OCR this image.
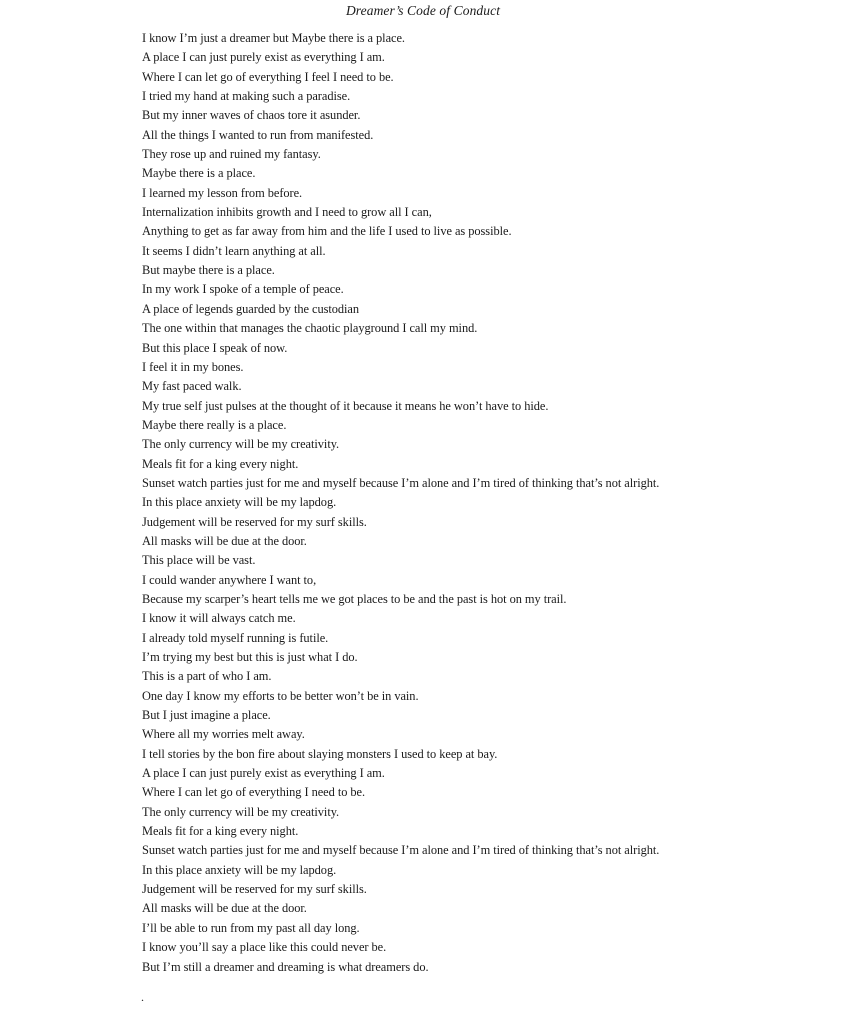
Dreamer’s Code of Conduct
I know I’m just a dreamer but Maybe there is a place.
A place I can just purely exist as everything I am.
Where I can let go of everything I feel I need to be.
I tried my hand at making such a paradise.
But my inner waves of chaos tore it asunder.
All the things I wanted to run from manifested.
They rose up and ruined my fantasy.
Maybe there is a place.
I learned my lesson from before.
Internalization inhibits growth and I need to grow all I can,
Anything to get as far away from him and the life I used to live as possible.
It seems I didn’t learn anything at all.
But maybe there is a place.
In my work I spoke of a temple of peace.
A place of legends guarded by the custodian
The one within that manages the chaotic playground I call my mind.
But this place I speak of now.
I feel it in my bones.
My fast paced walk.
My true self just pulses at the thought of it because it means he won’t have to hide.
Maybe there really is a place.
The only currency will be my creativity.
Meals fit for a king every night.
Sunset watch parties just for me and myself because I’m alone and I’m tired of thinking that’s not alright.
In this place anxiety will be my lapdog.
Judgement will be reserved for my surf skills.
All masks will be due at the door.
This place will be vast.
I could wander anywhere I want to,
Because my scarper’s heart tells me we got places to be and the past is hot on my trail.
I know it will always catch me.
I already told myself running is futile.
I’m trying my best but this is just what I do.
This is a part of who I am.
One day I know my efforts to be better won’t be in vain.
But I just imagine a place.
Where all my worries melt away.
I tell stories by the bon fire about slaying monsters I used to keep at bay.
A place I can just purely exist as everything I am.
Where I can let go of everything I need to be.
The only currency will be my creativity.
Meals fit for a king every night.
Sunset watch parties just for me and myself because I’m alone and I’m tired of thinking that’s not alright.
In this place anxiety will be my lapdog.
Judgement will be reserved for my surf skills.
All masks will be due at the door.
I’ll be able to run from my past all day long.
I know you’ll say a place like this could never be.
But I’m still a dreamer and dreaming is what dreamers do.
.
